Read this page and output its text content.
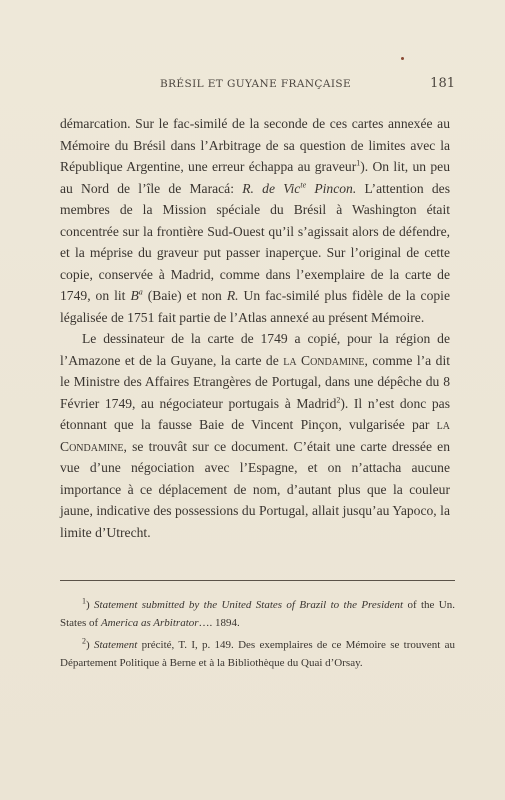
BRÉSIL ET GUYANE FRANÇAISE	181

démarcation. Sur le fac-similé de la seconde de ces cartes annexée au Mémoire du Brésil dans l’Arbitrage de sa question de limites avec la République Argentine, une erreur échappa au graveur$^1$). On lit, un peu au Nord de l’île de Maracá: R. de Vic$^{te}$ Pincon. L’attention des membres de la Mission spéciale du Brésil à Washington était concentrée sur la frontière Sud-Ouest qu’il s’agissait alors de défendre, et la méprise du graveur put passer inaperçue. Sur l’original de cette copie, conservée à Madrid, comme dans l’exemplaire de la carte de 1749, on lit $B^a$ (Baie) et non R. Un fac-similé plus fidèle de la copie légalisée de 1751 fait partie de l’Atlas annexé au présent Mémoire.

Le dessinateur de la carte de 1749 a copié, pour la région de l’Amazone et de la Guyane, la carte de la Condamine, comme l’a dit le Ministre des Affaires Etrangères de Portugal, dans une dépêche du 8 Février 1749, au négociateur portugais à Madrid$^2$). Il n’est donc pas étonnant que la fausse Baie de Vincent Pinçon, vulgarisée par la Condamine, se trouvât sur ce document. C’était une carte dressée en vue d’une négociation avec l’Espagne, et on n’attacha aucune importance à ce déplacement de nom, d’autant plus que la couleur jaune, indicative des possessions du Portugal, allait jusqu’au Yapoco, la limite d’Utrecht.

$^1$) Statement submitted by the United States of Brazil to the President of the Un. States of America as Arbitrator…. 1894.

$^2$) Statement précité, T. I, p. 149. Des exemplaires de ce Mémoire se trouvent au Département Politique à Berne et à la Bibliothèque du Quai d’Orsay.
